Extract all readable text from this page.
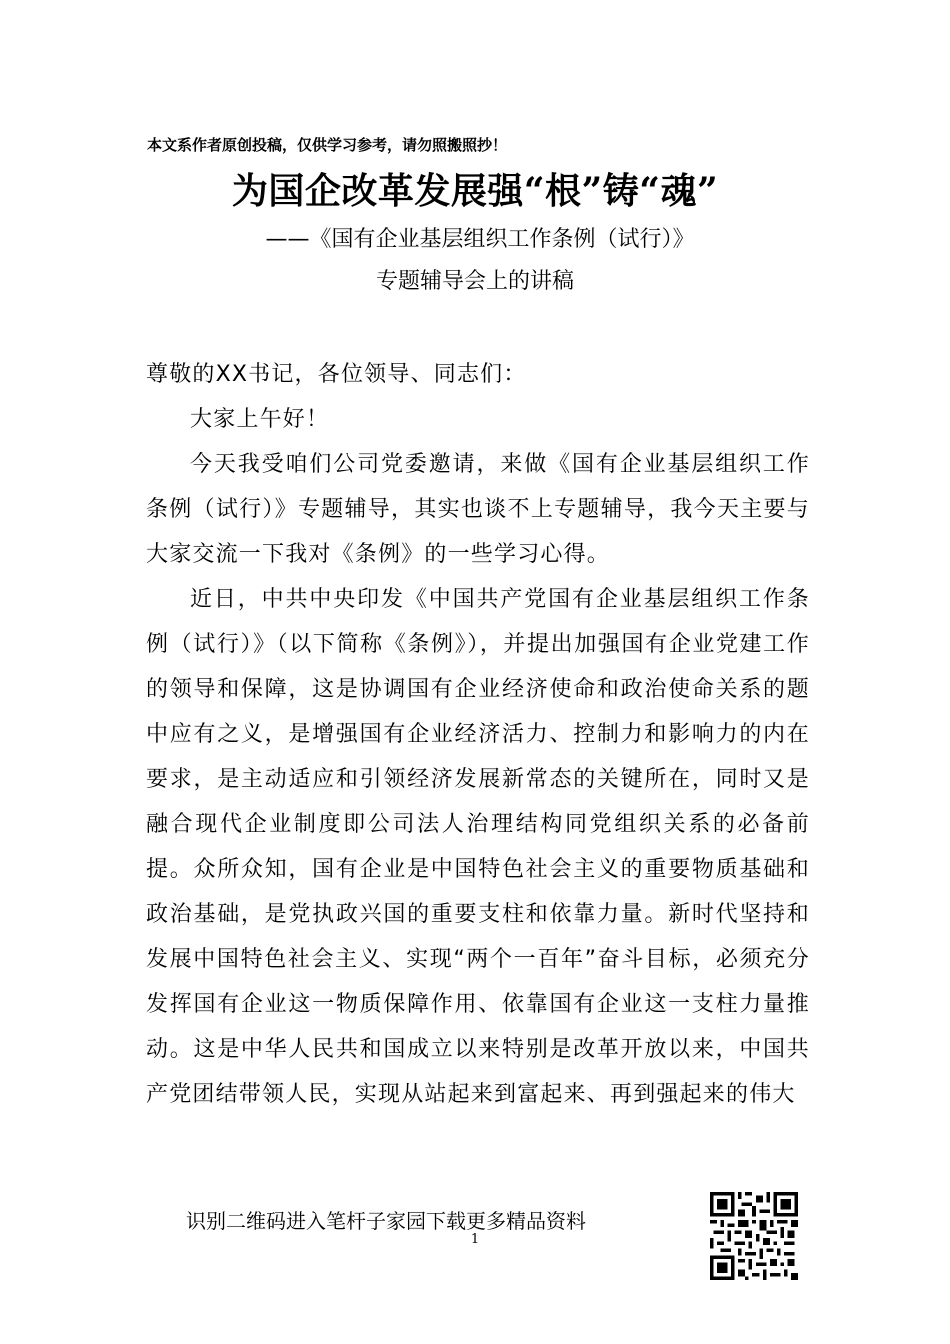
本文系作者原创投稿，仅供学习参考，请勿照搬照抄！
为国企改革发展强“根”铸“魂”
——《国有企业基层组织工作条例（试行）》
专题辅导会上的讲稿

尊敬的XX书记，各位领导、同志们：

大家上午好！

今天我受咱们公司党委邀请，来做《国有企业基层组织工作条例（试行）》专题辅导，其实也谈不上专题辅导，我今天主要与大家交流一下我对《条例》的一些学习心得。

近日，中共中央印发《中国共产党国有企业基层组织工作条例（试行）》（以下简称《条例》），并提出加强国有企业党建工作的领导和保障，这是协调国有企业经济使命和政治使命关系的题中应有之义，是增强国有企业经济活力、控制力和影响力的内在要求，是主动适应和引领经济发展新常态的关键所在，同时又是融合现代企业制度即公司法人治理结构同党组织关系的必备前提。众所众知，国有企业是中国特色社会主义的重要物质基础和政治基础，是党执政兴国的重要支柱和依靠力量。新时代坚持和发展中国特色社会主义、实现“两个一百年”奋斗目标，必须充分发挥国有企业这一物质保障作用、依靠国有企业这一支柱力量推动。这是中华人民共和国成立以来特别是改革开放以来，中国共产党团结带领人民，实现从站起来到富起来、再到强起来的伟大

识别二维码进入笔杆子家园下载更多精品资料
1
